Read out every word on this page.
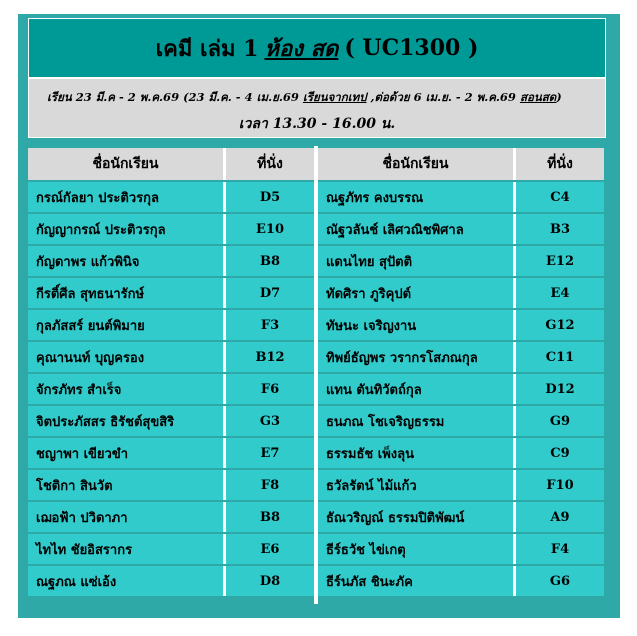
เคมี เล่ม 1 ห้อง สด ( UC1300 )
เรียน 23 มี.ค - 2 พ.ค.69 (23 มี.ค. - 4 เม.ย.69 เรียนจากเทป ,ต่อด้วย 6 เม.ย. - 2 พ.ค.69 สอนสด)
เวลา 13.30 - 16.00 น.
ชื่อนักเรียน	ที่นั่ง
กรณ์กัลยา ประติวรกุล	D5
กัญญากรณ์ ประติวรกุล	E10
กัญดาพร แก้วพินิจ	B8
กีรติ์ศีล สุทธนารักษ์	D7
กุลภัสสร์ ยนต์พิมาย	F3
คุณานนท์ บุญครอง	B12
จักรภัทร สำเร็จ	F6
จิตประภัสสร ธิรัชต์สุขสิริ	G3
ชญาพา เขียวขำ	E7
โชติกา สินวัต	F8
เฌอฟ้า ปวิดาภา	B8
ไทไท ชัยอิสรากร	E6
ณฐภณ แซ่เอ้ง	D8
ชื่อนักเรียน	ที่นั่ง
ณฐภัทร คงบรรณ	C4
ณัฐวลันช์ เลิศวณิชพิศาล	B3
แดนไทย สุปัตติ	E12
ทัดศิรา ภูริคุปต์	E4
ทัษนะ เจริญงาน	G12
ทิพย์ธัญพร วรากรโสภณกุล	C11
แทน ตันทิวัตถ์กุล	D12
ธนภณ โชเจริญธรรม	G9
ธรรมธัช เพ็งลุน	C9
ธวัลรัตน์ ไม้แก้ว	F10
ธัณวริญณ์ ธรรมปิติพัฒน์	A9
ธีร์ธวัช ไข่เกตุ	F4
ธีร์นภัส ชินะภัค	G6
